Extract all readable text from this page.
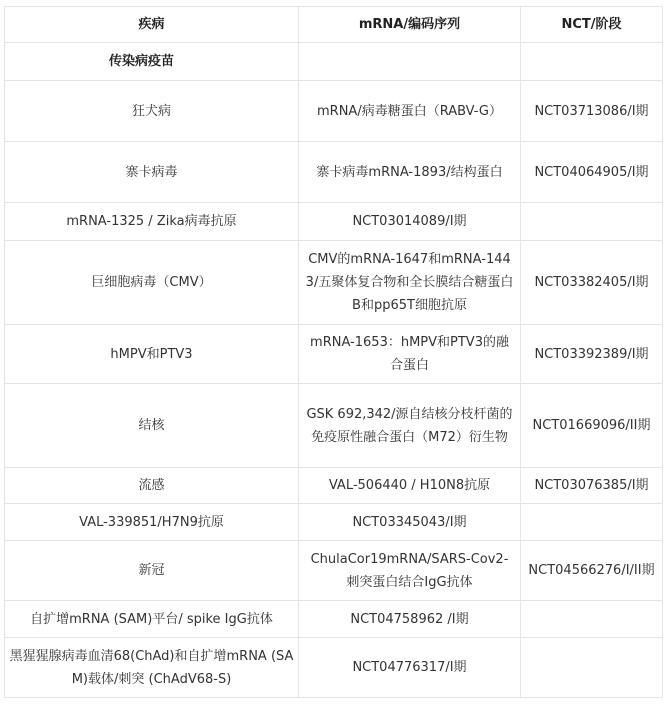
疾病	mRNA/编码序列	NCT/阶段
传染病疫苗		
狂犬病	mRNA/病毒糖蛋白（RABV-G）	NCT03713086/I期
寨卡病毒	寨卡病毒mRNA-1893/结构蛋白	NCT04064905/I期
mRNA-1325 / Zika病毒抗原	NCT03014089/I期	
巨细胞病毒（CMV）	CMV的mRNA-1647和mRNA-1443/五聚体复合物和全长膜结合糖蛋白B和pp65T细胞抗原	NCT03382405/I期
hMPV和PTV3	mRNA-1653：hMPV和PTV3的融合蛋白	NCT03392389/I期
结核	GSK 692,342/源自结核分枝杆菌的免疫原性融合蛋白（M72）衍生物	NCT01669096/II期
流感	VAL-506440 / H10N8抗原	NCT03076385/I期
VAL-339851/H7N9抗原	NCT03345043/I期	
新冠	ChulaCor19mRNA/SARS-Cov2-刺突蛋白结合IgG抗体	NCT04566276/I/II期
自扩增mRNA (SAM)平台/ spike IgG抗体	NCT04758962 /I期	
黑猩猩腺病毒血清68(ChAd)和自扩增mRNA (SAM)载体/刺突 (ChAdV68-S)	NCT04776317/I期	
